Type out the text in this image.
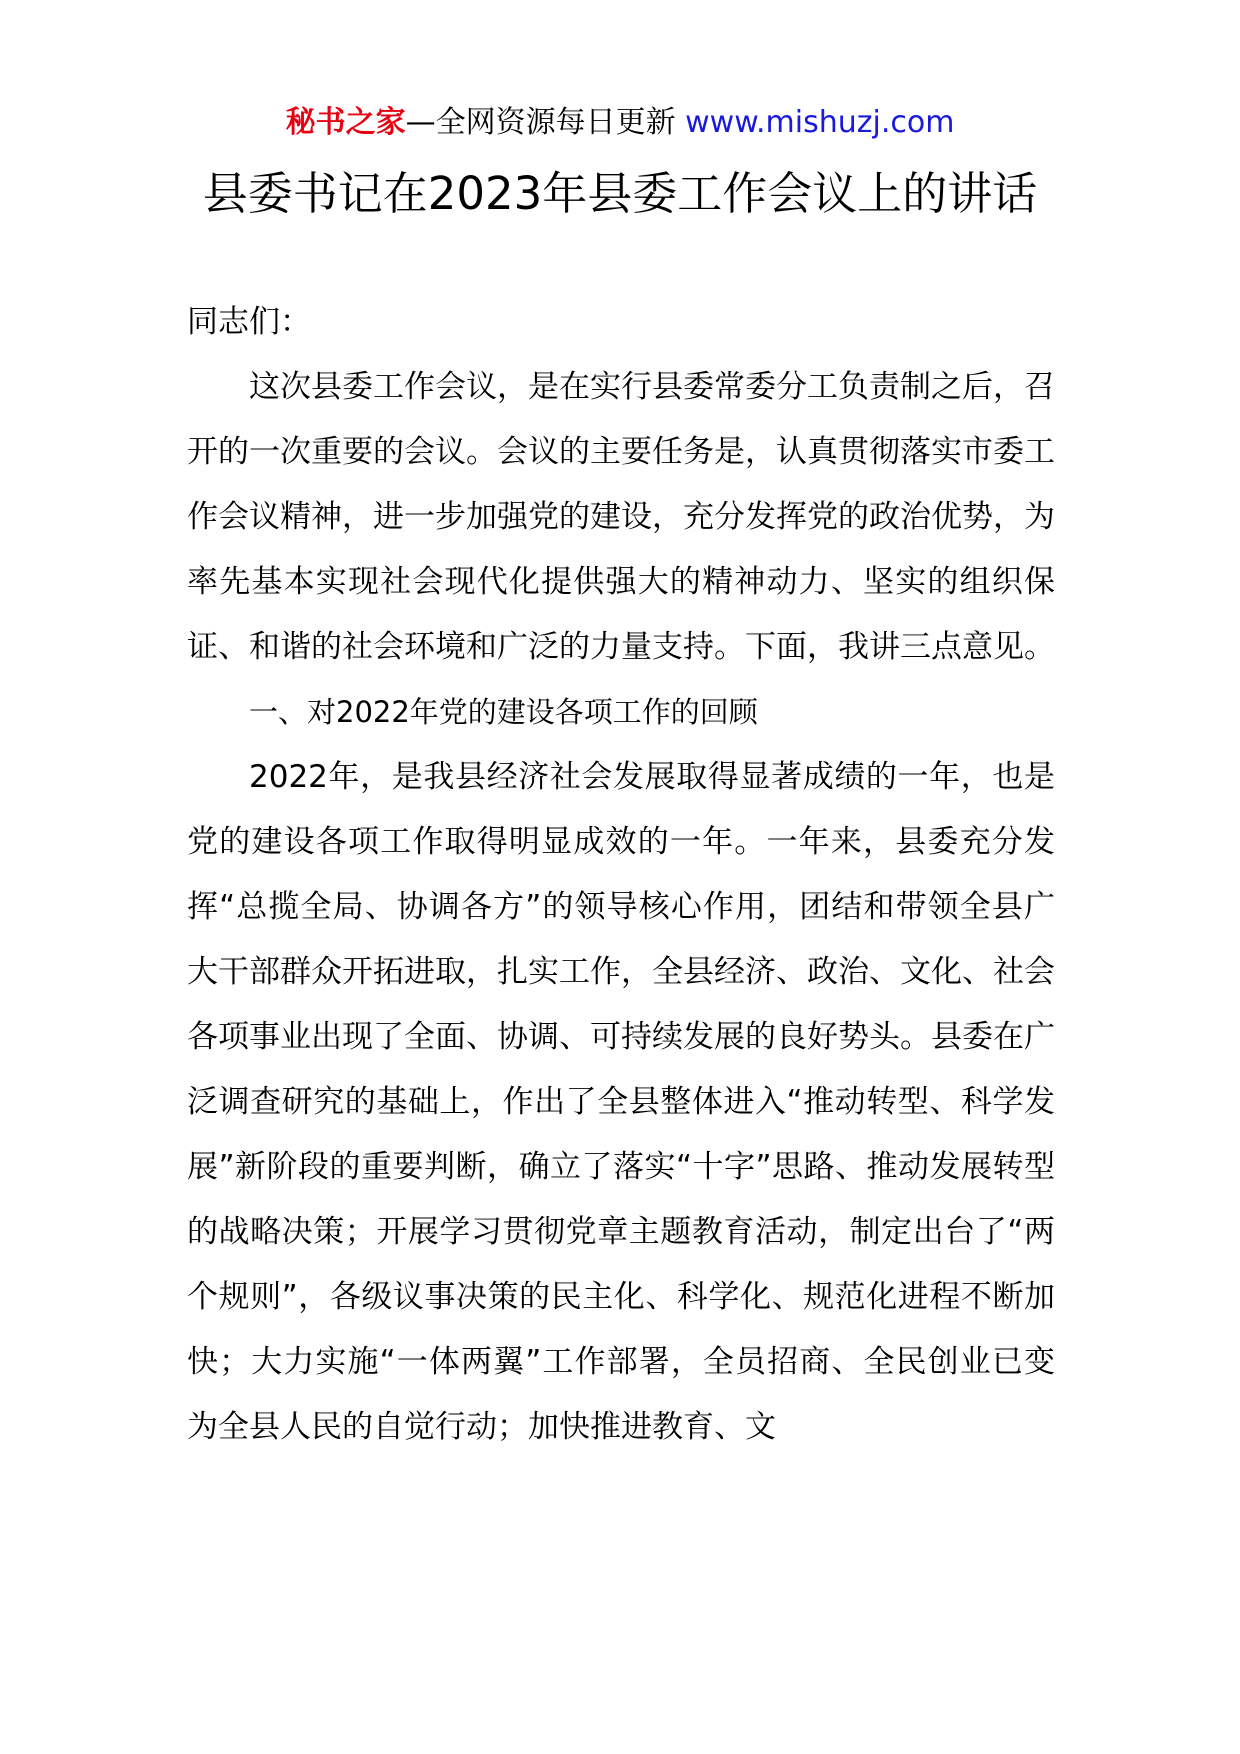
秘书之家—全网资源每日更新 www.mishuzj.com
县委书记在2023年县委工作会议上的讲话

同志们：

这次县委工作会议，是在实行县委常委分工负责制之后，召开的一次重要的会议。会议的主要任务是，认真贯彻落实市委工作会议精神，进一步加强党的建设，充分发挥党的政治优势，为率先基本实现社会现代化提供强大的精神动力、坚实的组织保证、和谐的社会环境和广泛的力量支持。下面，我讲三点意见。

一、对2022年党的建设各项工作的回顾

2022年，是我县经济社会发展取得显著成绩的一年，也是党的建设各项工作取得明显成效的一年。一年来，县委充分发挥“总揽全局、协调各方”的领导核心作用，团结和带领全县广大干部群众开拓进取，扎实工作，全县经济、政治、文化、社会各项事业出现了全面、协调、可持续发展的良好势头。县委在广泛调查研究的基础上，作出了全县整体进入“推动转型、科学发展”新阶段的重要判断，确立了落实“十字”思路、推动发展转型的战略决策；开展学习贯彻党章主题教育活动，制定出台了“两个规则”，各级议事决策的民主化、科学化、规范化进程不断加快；大力实施“一体两翼”工作部署，全员招商、全民创业已变为全县人民的自觉行动；加快推进教育、文
